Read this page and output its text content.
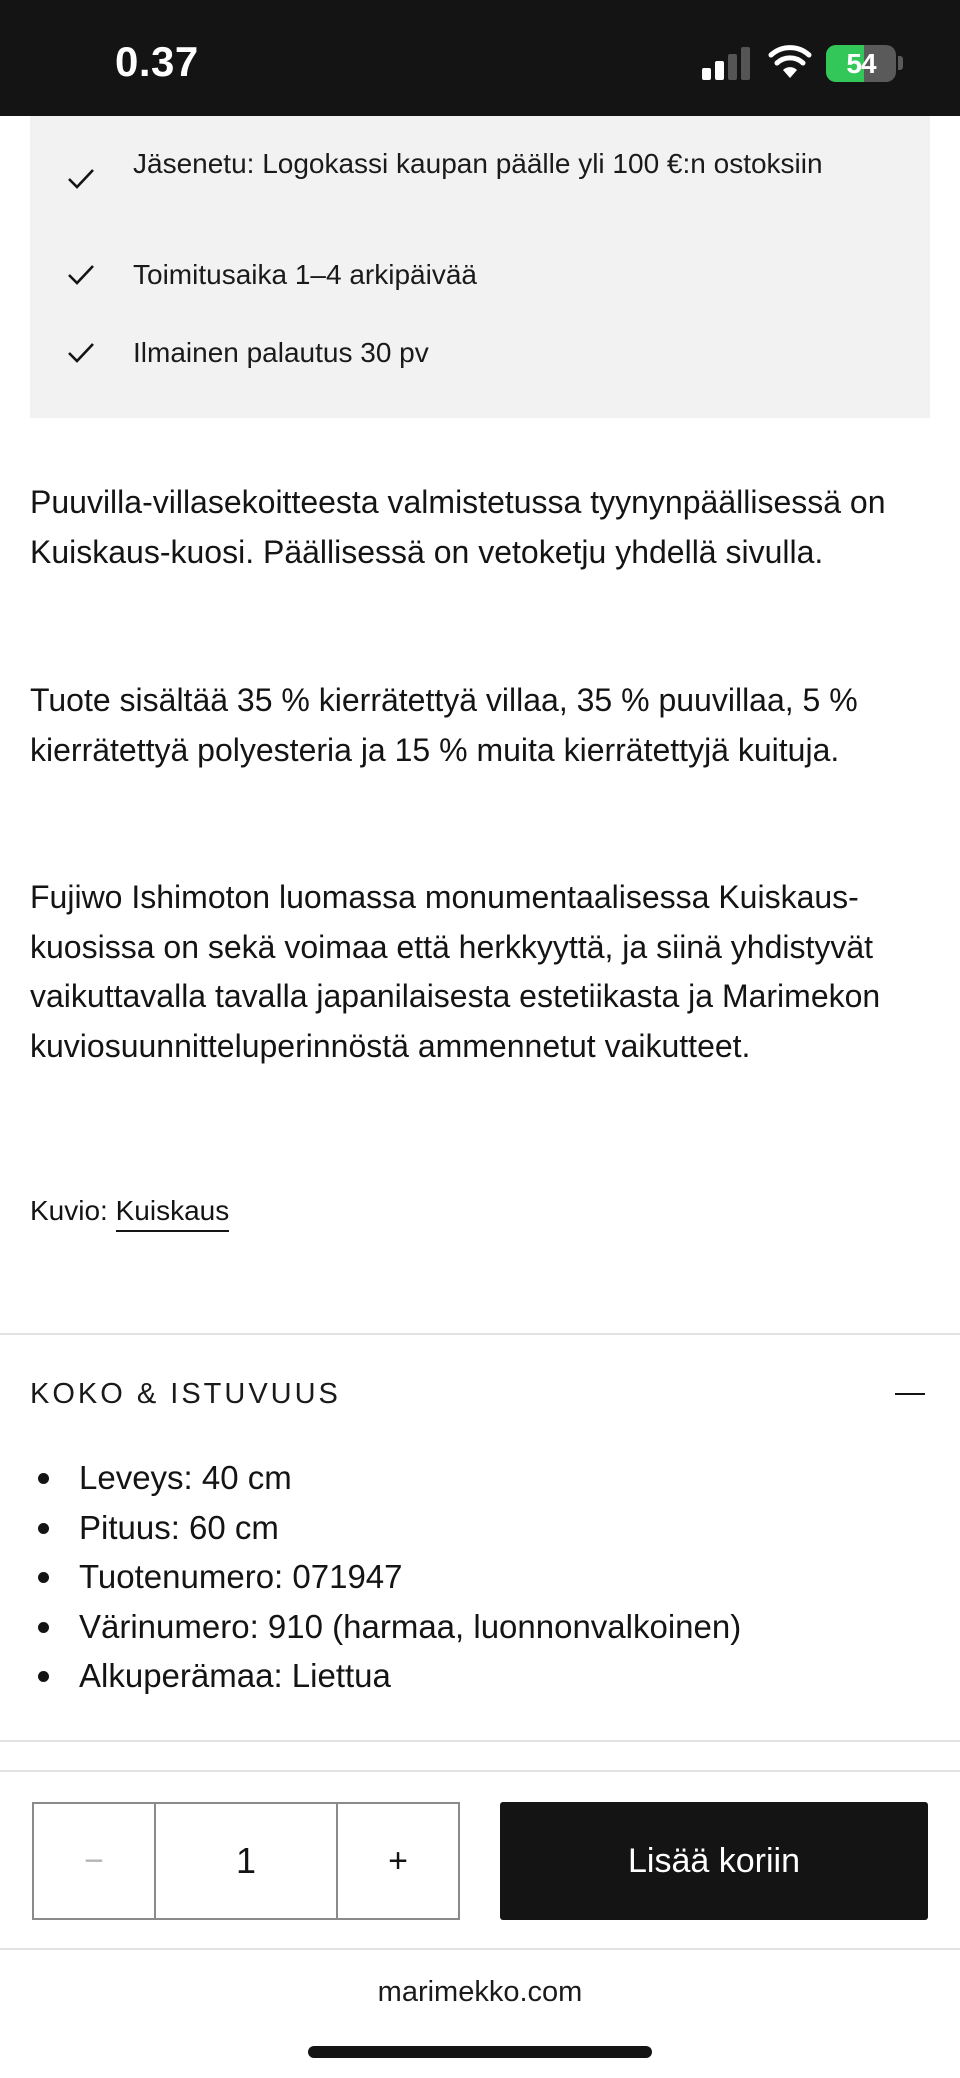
0.37	54
Jäsenetu: Logokassi kaupan päälle yli 100 €:n ostoksiin
Toimitusaika 1–4 arkipäivää
Ilmainen palautus 30 pv

Puuvilla-villasekoitteesta valmistetussa tyynynpäällisessä on Kuiskaus-kuosi. Päällisessä on vetoketju yhdellä sivulla.

Tuote sisältää 35 % kierrätettyä villaa, 35 % puuvillaa, 5 % kierrätettyä polyesteria ja 15 % muita kierrätettyjä kuituja.

Fujiwo Ishimoton luomassa monumentaalisessa Kuiskaus-kuosissa on sekä voimaa että herkkyyttä, ja siinä yhdistyvät vaikuttavalla tavalla japanilaisesta estetiikasta ja Marimekon kuviosuunnitteluperinnöstä ammennetut vaikutteet.

Kuvio: Kuiskaus
KOKO & ISTUVUUS
Leveys: 40 cm
Pituus: 60 cm
Tuotenumero: 071947
Värinumero: 910 (harmaa, luonnonvalkoinen)
Alkuperämaa: Liettua
−	1	+	Lisää koriin
marimekko.com
